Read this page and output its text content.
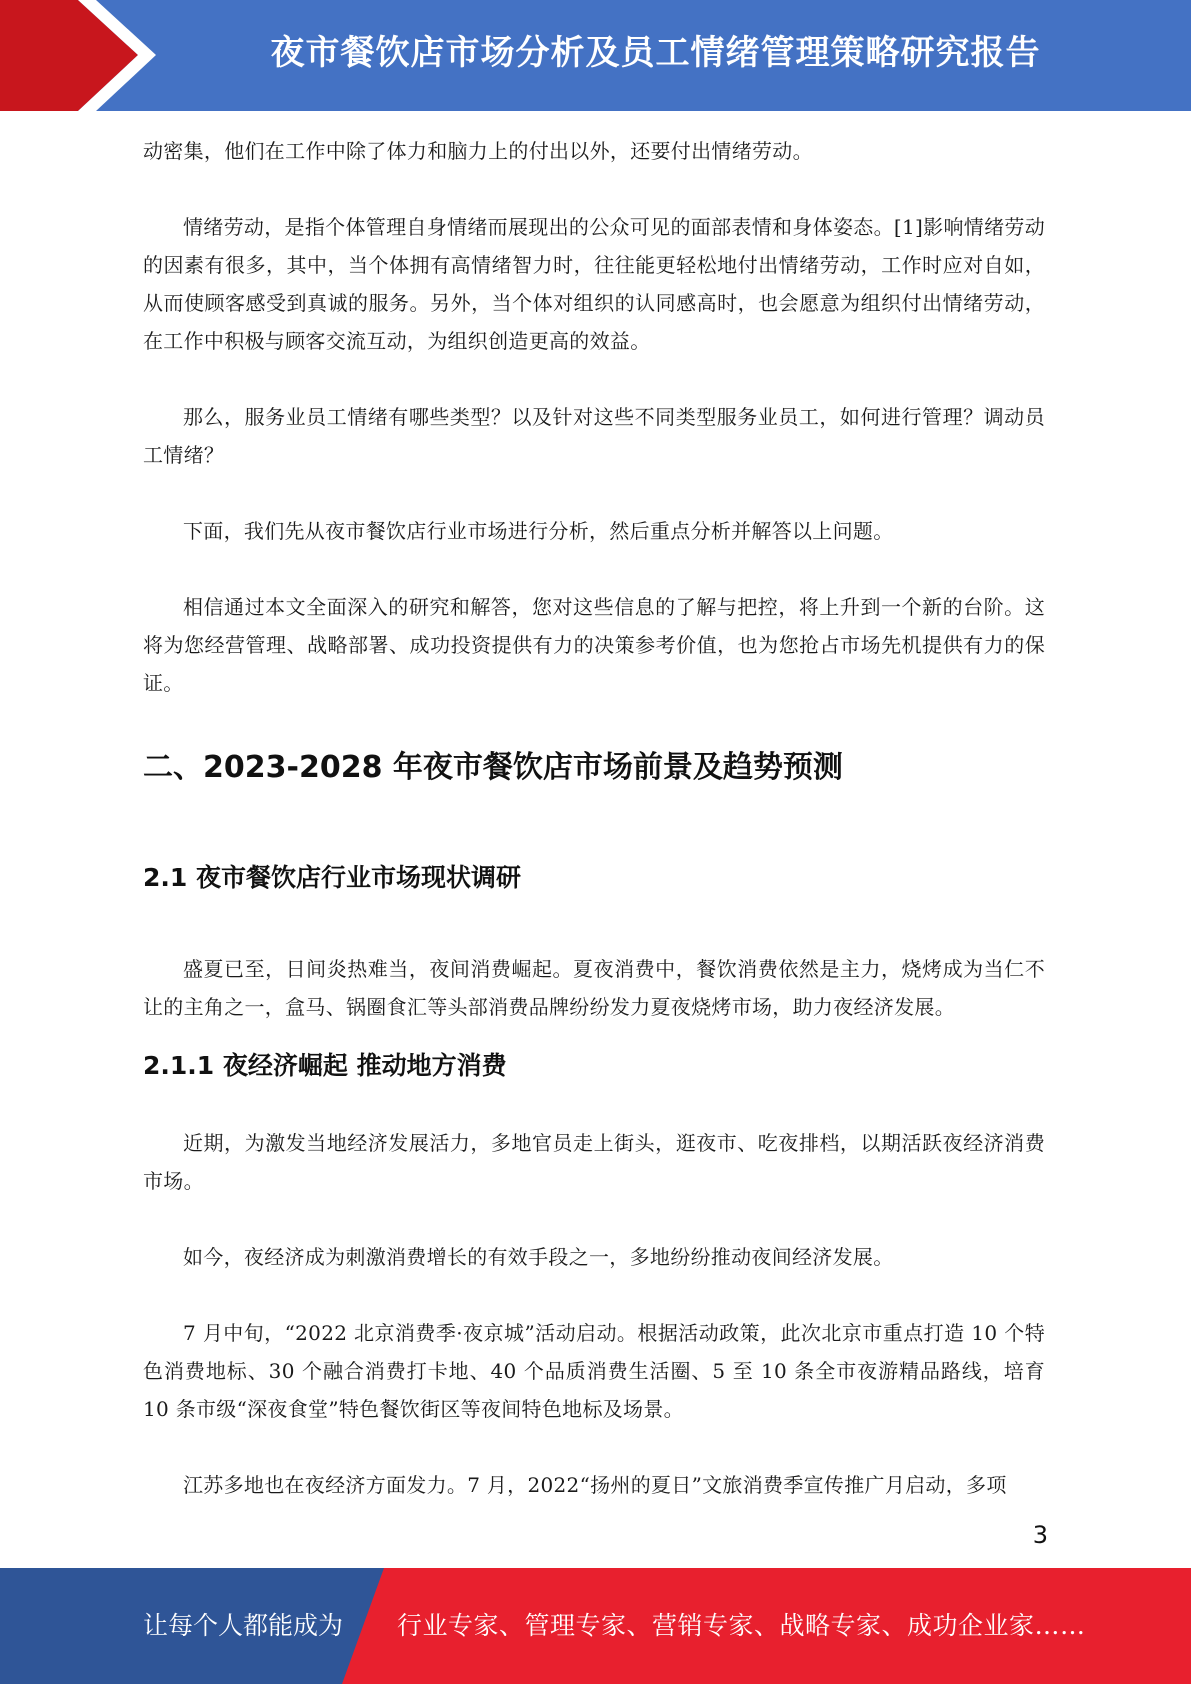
夜市餐饮店市场分析及员工情绪管理策略研究报告

动密集，他们在工作中除了体力和脑力上的付出以外，还要付出情绪劳动。

情绪劳动，是指个体管理自身情绪而展现出的公众可见的面部表情和身体姿态。[1]影响情绪劳动的因素有很多，其中，当个体拥有高情绪智力时，往往能更轻松地付出情绪劳动，工作时应对自如，从而使顾客感受到真诚的服务。另外，当个体对组织的认同感高时，也会愿意为组织付出情绪劳动，在工作中积极与顾客交流互动，为组织创造更高的效益。

那么，服务业员工情绪有哪些类型？以及针对这些不同类型服务业员工，如何进行管理？调动员工情绪？

下面，我们先从夜市餐饮店行业市场进行分析，然后重点分析并解答以上问题。

相信通过本文全面深入的研究和解答，您对这些信息的了解与把控，将上升到一个新的台阶。这将为您经营管理、战略部署、成功投资提供有力的决策参考价值，也为您抢占市场先机提供有力的保证。

二、2023-2028 年夜市餐饮店市场前景及趋势预测
2.1 夜市餐饮店行业市场现状调研

盛夏已至，日间炎热难当，夜间消费崛起。夏夜消费中，餐饮消费依然是主力，烧烤成为当仁不让的主角之一，盒马、锅圈食汇等头部消费品牌纷纷发力夏夜烧烤市场，助力夜经济发展。

2.1.1 夜经济崛起 推动地方消费

近期，为激发当地经济发展活力，多地官员走上街头，逛夜市、吃夜排档，以期活跃夜经济消费市场。

如今，夜经济成为刺激消费增长的有效手段之一，多地纷纷推动夜间经济发展。

7 月中旬，“2022 北京消费季·夜京城”活动启动。根据活动政策，此次北京市重点打造 10 个特色消费地标、30 个融合消费打卡地、40 个品质消费生活圈、5 至 10 条全市夜游精品路线，培育 10 条市级“深夜食堂”特色餐饮街区等夜间特色地标及场景。

江苏多地也在夜经济方面发力。7 月，2022“扬州的夏日”文旅消费季宣传推广月启动，多项

3
让每个人都能成为 行业专家、管理专家、营销专家、战略专家、成功企业家……
